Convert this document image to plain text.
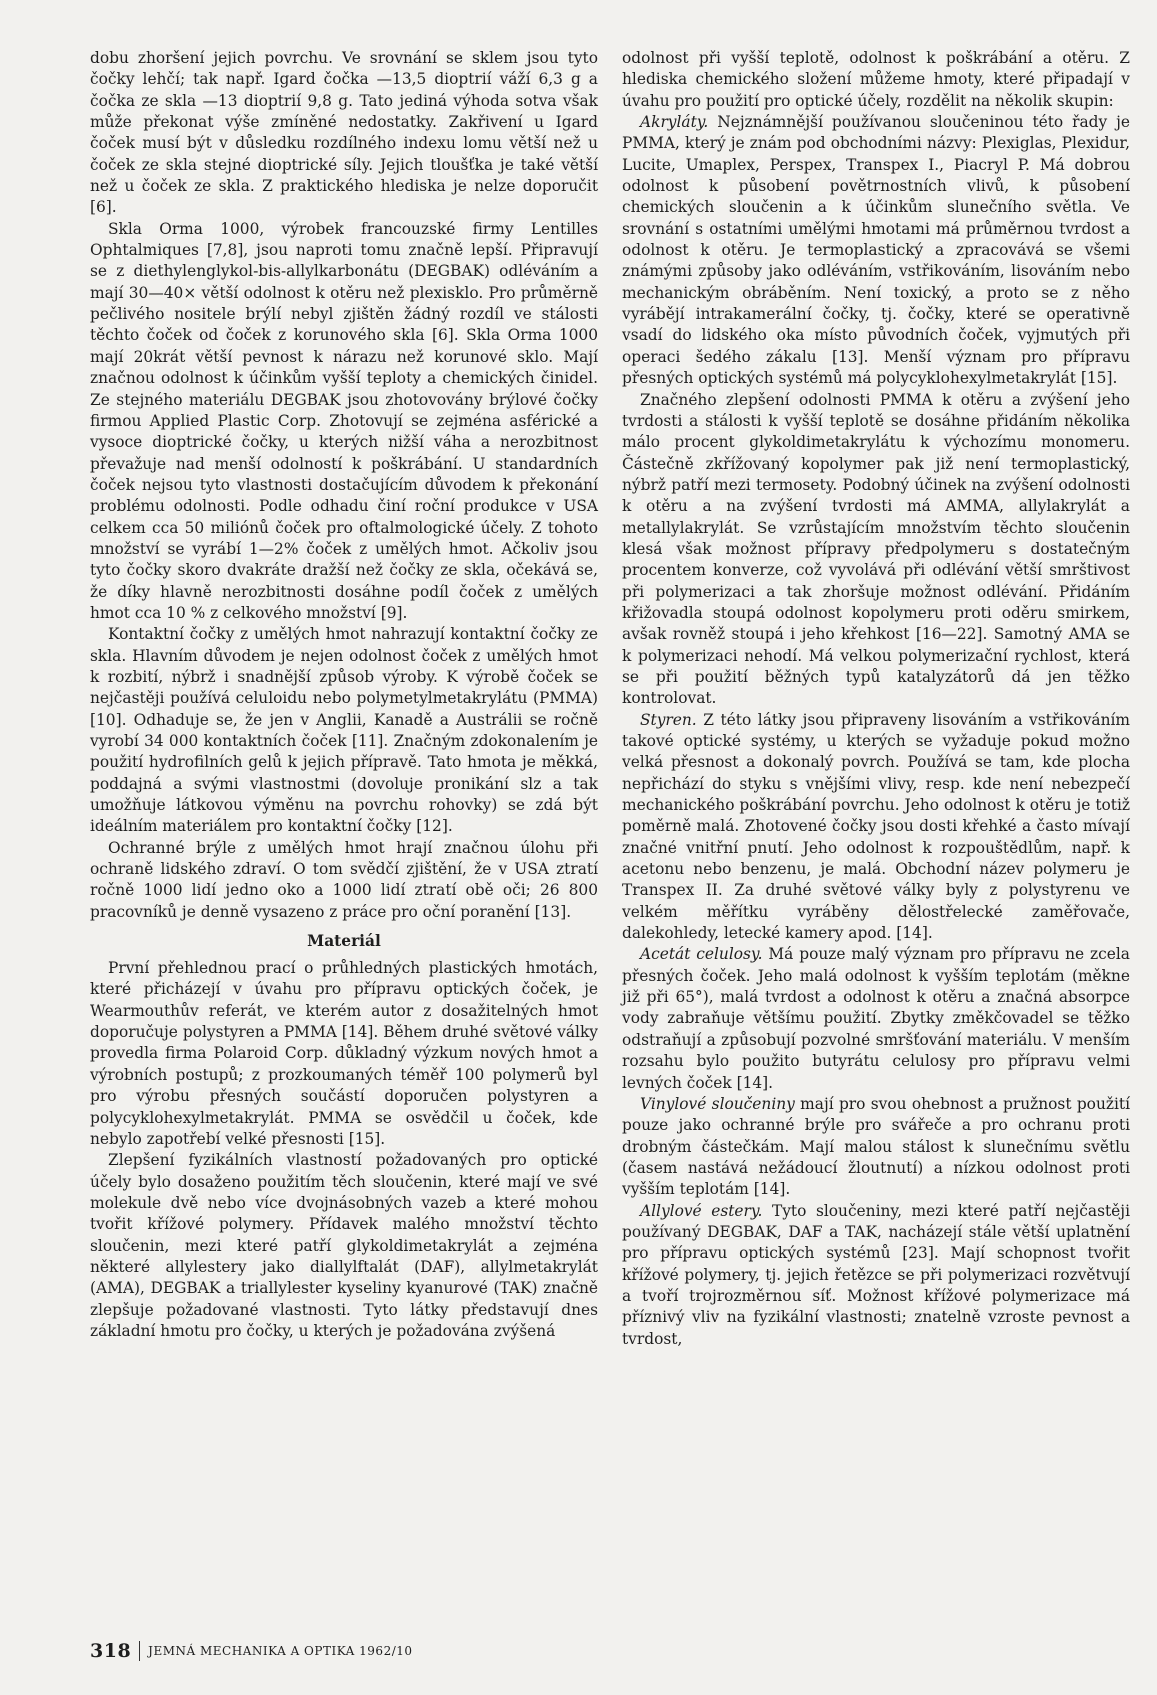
dobu zhoršení jejich povrchu. Ve srovnání se sklem jsou tyto čočky lehčí; tak např. Igard čočka —13,5 dioptrií váží 6,3 g a čočka ze skla —13 dioptrií 9,8 g. Tato jediná výhoda sotva však může překonat výše zmíněné nedostatky. Zakřivení u Igard čoček musí být v důsledku rozdílného indexu lomu větší než u čoček ze skla stejné dioptrické síly. Jejich tloušťka je také větší než u čoček ze skla. Z praktického hlediska je nelze doporučit [6].

Skla Orma 1000, výrobek francouzské firmy Lentilles Ophtalmiques [7,8], jsou naproti tomu značně lepší. Připravují se z diethylenglykol-bis-allylkarbonátu (DEGBAK) odléváním a mají 30—40× větší odolnost k otěru než plexisklo. Pro průměrně pečlivého nositele brýlí nebyl zjištěn žádný rozdíl ve stálosti těchto čoček od čoček z korunového skla [6]. Skla Orma 1000 mají 20krát větší pevnost k nárazu než korunové sklo. Mají značnou odolnost k účinkům vyšší teploty a chemických činidel. Ze stejného materiálu DEGBAK jsou zhotovovány brýlové čočky firmou Applied Plastic Corp. Zhotovují se zejména asférické a vysoce dioptrické čočky, u kterých nižší váha a nerozbitnost převažuje nad menší odolností k poškrábání. U standardních čoček nejsou tyto vlastnosti dostačujícím důvodem k překonání problému odolnosti. Podle odhadu činí roční produkce v USA celkem cca 50 miliónů čoček pro oftalmologické účely. Z tohoto množství se vyrábí 1—2% čoček z umělých hmot. Ačkoliv jsou tyto čočky skoro dvakráte dražší než čočky ze skla, očekává se, že díky hlavně nerozbitnosti dosáhne podíl čoček z umělých hmot cca 10 % z celkového množství [9].

Kontaktní čočky z umělých hmot nahrazují kontaktní čočky ze skla. Hlavním důvodem je nejen odolnost čoček z umělých hmot k rozbití, nýbrž i snadnější způsob výroby. K výrobě čoček se nejčastěji používá celuloidu nebo polymetylmetakrylátu (PMMA) [10]. Odhaduje se, že jen v Anglii, Kanadě a Austrálii se ročně vyrobí 34 000 kontaktních čoček [11]. Značným zdokonalením je použití hydrofilních gelů k jejich přípravě. Tato hmota je měkká, poddajná a svými vlastnostmi (dovoluje pronikání slz a tak umožňuje látkovou výměnu na povrchu rohovky) se zdá být ideálním materiálem pro kontaktní čočky [12].

Ochranné brýle z umělých hmot hrají značnou úlohu při ochraně lidského zdraví. O tom svědčí zjištění, že v USA ztratí ročně 1000 lidí jedno oko a 1000 lidí ztratí obě oči; 26 800 pracovníků je denně vysazeno z práce pro oční poranění [13].

Materiál

První přehlednou prací o průhledných plastických hmotách, které přicházejí v úvahu pro přípravu optických čoček, je Wearmouthův referát, ve kterém autor z dosažitelných hmot doporučuje polystyren a PMMA [14]. Během druhé světové války provedla firma Polaroid Corp. důkladný výzkum nových hmot a výrobních postupů; z prozkoumaných téměř 100 polymerů byl pro výrobu přesných součástí doporučen polystyren a polycyklohexylmetakrylát. PMMA se osvědčil u čoček, kde nebylo zapotřebí velké přesnosti [15].

Zlepšení fyzikálních vlastností požadovaných pro optické účely bylo dosaženo použitím těch sloučenin, které mají ve své molekule dvě nebo více dvojnásobných vazeb a které mohou tvořit křížové polymery. Přídavek malého množství těchto sloučenin, mezi které patří glykoldimetakrylát a zejména některé allylestery jako diallylftalát (DAF), allylmetakrylát (AMA), DEGBAK a triallylester kyseliny kyanurové (TAK) značně zlepšuje požadované vlastnosti. Tyto látky představují dnes základní hmotu pro čočky, u kterých je požadována zvýšená

odolnost při vyšší teplotě, odolnost k poškrábání a otěru. Z hlediska chemického složení můžeme hmoty, které připadají v úvahu pro použití pro optické účely, rozdělit na několik skupin:

Akryláty. Nejznámnější používanou sloučeninou této řady je PMMA, který je znám pod obchodními názvy: Plexiglas, Plexidur, Lucite, Umaplex, Perspex, Transpex I., Piacryl P. Má dobrou odolnost k působení povětrnostních vlivů, k působení chemických sloučenin a k účinkům slunečního světla. Ve srovnání s ostatními umělými hmotami má průměrnou tvrdost a odolnost k otěru. Je termoplastický a zpracovává se všemi známými způsoby jako odléváním, vstřikováním, lisováním nebo mechanickým obráběním. Není toxický, a proto se z něho vyrábějí intrakamerální čočky, tj. čočky, které se operativně vsadí do lidského oka místo původních čoček, vyjmutých při operaci šedého zákalu [13]. Menší význam pro přípravu přesných optických systémů má polycyklohexylmetakrylát [15].

Značného zlepšení odolnosti PMMA k otěru a zvýšení jeho tvrdosti a stálosti k vyšší teplotě se dosáhne přidáním několika málo procent glykoldimetakrylátu k výchozímu monomeru. Částečně zkřížovaný kopolymer pak již není termoplastický, nýbrž patří mezi termosety. Podobný účinek na zvýšení odolnosti k otěru a na zvýšení tvrdosti má AMMA, allylakrylát a metallylakrylát. Se vzrůstajícím množstvím těchto sloučenin klesá však možnost přípravy předpolymeru s dostatečným procentem konverze, což vyvolává při odlévání větší smrštivost při polymerizaci a tak zhoršuje možnost odlévání. Přidáním křižovadla stoupá odolnost kopolymeru proti oděru smirkem, avšak rovněž stoupá i jeho křehkost [16—22]. Samotný AMA se k polymerizaci nehodí. Má velkou polymerizační rychlost, která se při použití běžných typů katalyzátorů dá jen těžko kontrolovat.

Styren. Z této látky jsou připraveny lisováním a vstřikováním takové optické systémy, u kterých se vyžaduje pokud možno velká přesnost a dokonalý povrch. Používá se tam, kde plocha nepřichází do styku s vnějšími vlivy, resp. kde není nebezpečí mechanického poškrábání povrchu. Jeho odolnost k otěru je totiž poměrně malá. Zhotovené čočky jsou dosti křehké a často mívají značné vnitřní pnutí. Jeho odolnost k rozpouštědlům, např. k acetonu nebo benzenu, je malá. Obchodní název polymeru je Transpex II. Za druhé světové války byly z polystyrenu ve velkém měřítku vyráběny dělostřelecké zaměřovače, dalekohledy, letecké kamery apod. [14].

Acetát celulosy. Má pouze malý význam pro přípravu ne zcela přesných čoček. Jeho malá odolnost k vyšším teplotám (měkne již při 65°), malá tvrdost a odolnost k otěru a značná absorpce vody zabraňuje většímu použití. Zbytky změkčovadel se těžko odstraňují a způsobují pozvolné smršťování materiálu. V menším rozsahu bylo použito butyrátu celulosy pro přípravu velmi levných čoček [14].

Vinylové sloučeniny mají pro svou ohebnost a pružnost použití pouze jako ochranné brýle pro svářeče a pro ochranu proti drobným částečkám. Mají malou stálost k slunečnímu světlu (časem nastává nežádoucí žloutnutí) a nízkou odolnost proti vyšším teplotám [14].

Allylové estery. Tyto sloučeniny, mezi které patří nejčastěji používaný DEGBAK, DAF a TAK, nacházejí stále větší uplatnění pro přípravu optických systémů [23]. Mají schopnost tvořit křížové polymery, tj. jejich řetězce se při polymerizaci rozvětvují a tvoří trojrozměrnou síť. Možnost křížové polymerizace má příznivý vliv na fyzikální vlastnosti; znatelně vzroste pevnost a tvrdost,

318 JEMNÁ MECHANIKA A OPTIKA 1962/10
